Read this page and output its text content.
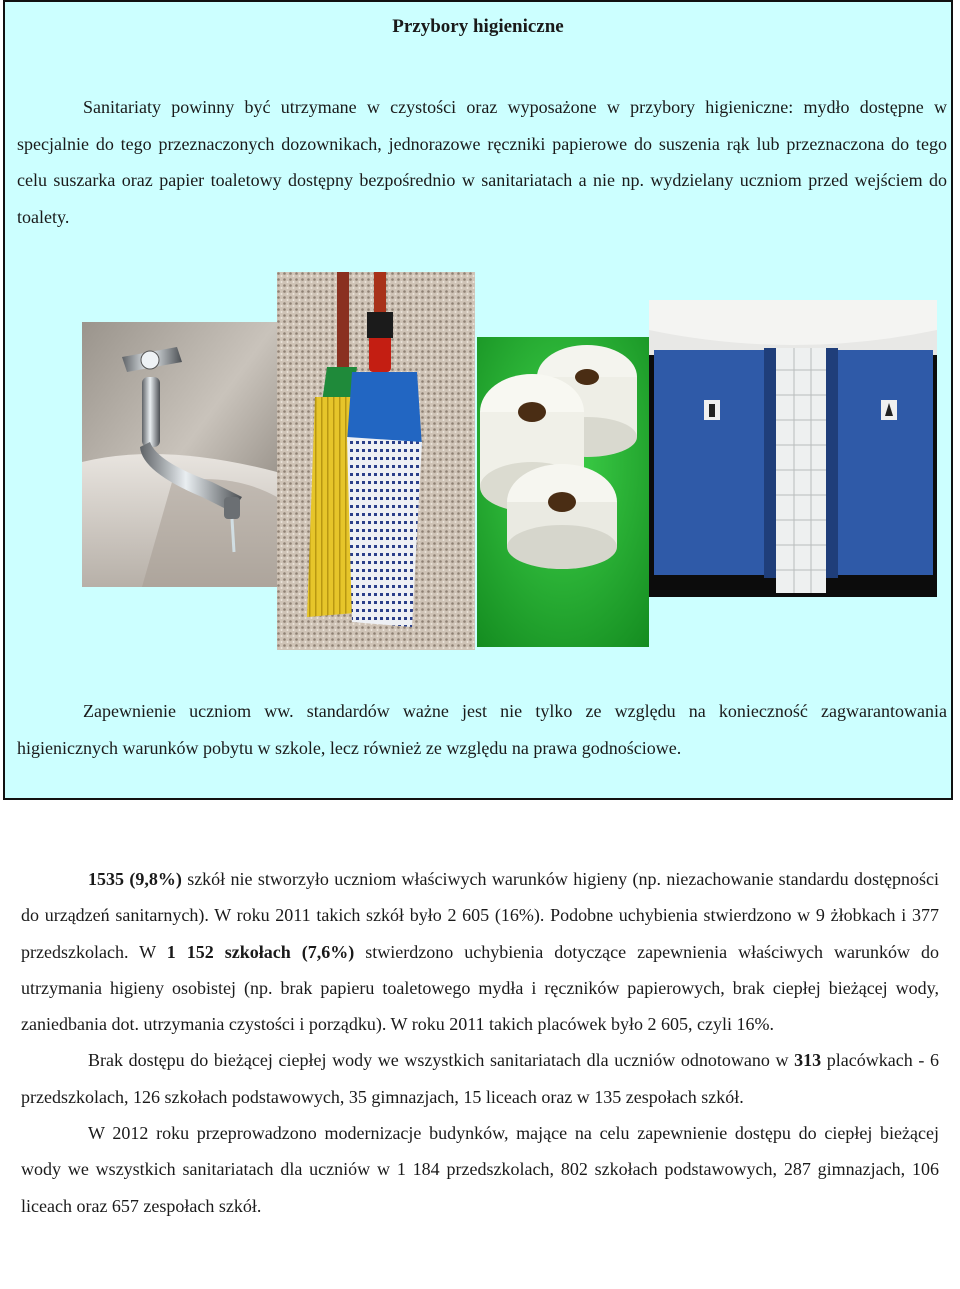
Przybory higieniczne

Sanitariaty powinny być utrzymane w czystości oraz wyposażone w przybory higieniczne: mydło dostępne w specjalnie do tego przeznaczonych dozownikach, jednorazowe ręczniki papierowe do suszenia rąk lub przeznaczona do tego celu suszarka oraz papier toaletowy dostępny bezpośrednio w sanitariatach a nie np. wydzielany uczniom przed wejściem do toalety.

Zapewnienie uczniom ww. standardów ważne jest nie tylko ze względu na konieczność zagwarantowania higienicznych warunków pobytu w szkole, lecz również ze względu na prawa godnościowe.

1535 (9,8%) szkół nie stworzyło uczniom właściwych warunków higieny (np. niezachowanie standardu dostępności do urządzeń sanitarnych). W roku 2011 takich szkół było 2 605 (16%). Podobne uchybienia stwierdzono w 9 żłobkach i 377 przedszkolach. W 1 152 szkołach (7,6%) stwierdzono uchybienia dotyczące zapewnienia właściwych warunków do utrzymania higieny osobistej (np. brak papieru toaletowego mydła i ręczników papierowych, brak ciepłej bieżącej wody, zaniedbania dot. utrzymania czystości i porządku). W roku 2011 takich placówek było 2 605, czyli 16%.

Brak dostępu do bieżącej ciepłej wody we wszystkich sanitariatach dla uczniów odnotowano w 313 placówkach - 6 przedszkolach, 126 szkołach podstawowych, 35 gimnazjach, 15 liceach oraz w 135 zespołach szkół.

W 2012 roku przeprowadzono modernizacje budynków, mające na celu zapewnienie dostępu do ciepłej bieżącej wody we wszystkich sanitariatach dla uczniów w 1 184 przedszkolach, 802 szkołach podstawowych, 287 gimnazjach, 106 liceach oraz 657 zespołach szkół.
